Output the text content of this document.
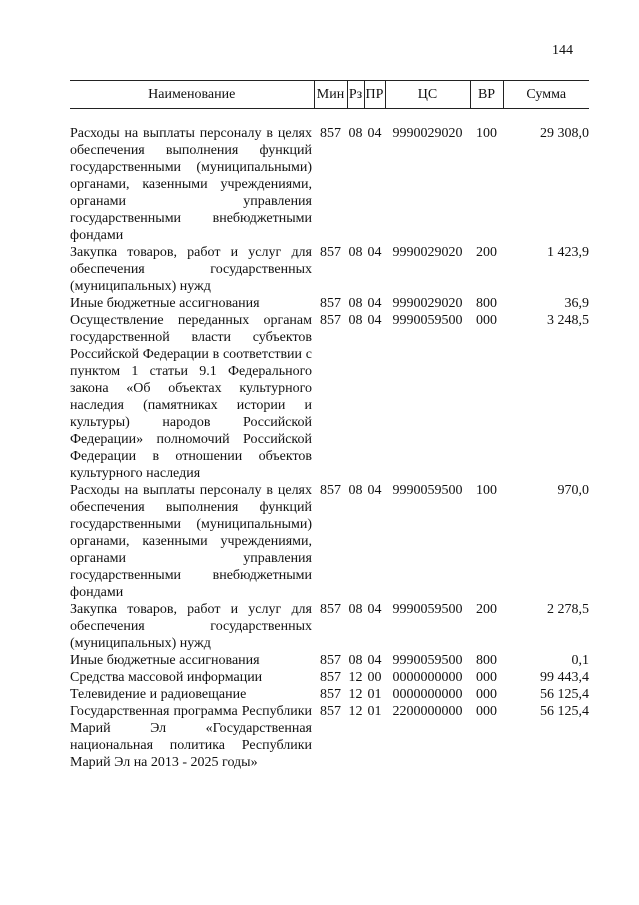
144
Наименование	Мин	Рз	ПР	ЦС	ВР	Сумма

Расходы на выплаты персоналу в целях обеспечения выполнения функций государственными (муниципальными) органами, казенными учреждениями, органами управления государственными внебюджетными фондами	857	08	04	9990029020	100	29 308,0
Закупка товаров, работ и услуг для обеспечения государственных (муниципальных) нужд	857	08	04	9990029020	200	1 423,9
Иные бюджетные ассигнования	857	08	04	9990029020	800	36,9
Осуществление переданных органам государственной власти субъектов Российской Федерации в соответствии с пунктом 1 статьи 9.1 Федерального закона «Об объектах культурного наследия (памятниках истории и культуры) народов Российской Федерации» полномочий Российской Федерации в отношении объектов культурного наследия	857	08	04	9990059500	000	3 248,5
Расходы на выплаты персоналу в целях обеспечения выполнения функций государственными (муниципальными) органами, казенными учреждениями, органами управления государственными внебюджетными фондами	857	08	04	9990059500	100	970,0
Закупка товаров, работ и услуг для обеспечения государственных (муниципальных) нужд	857	08	04	9990059500	200	2 278,5
Иные бюджетные ассигнования	857	08	04	9990059500	800	0,1
Средства массовой информации	857	12	00	0000000000	000	99 443,4
Телевидение и радиовещание	857	12	01	0000000000	000	56 125,4
Государственная программа Республики Марий Эл «Государственная национальная политика Республики Марий Эл на 2013 - 2025 годы»	857	12	01	2200000000	000	56 125,4
